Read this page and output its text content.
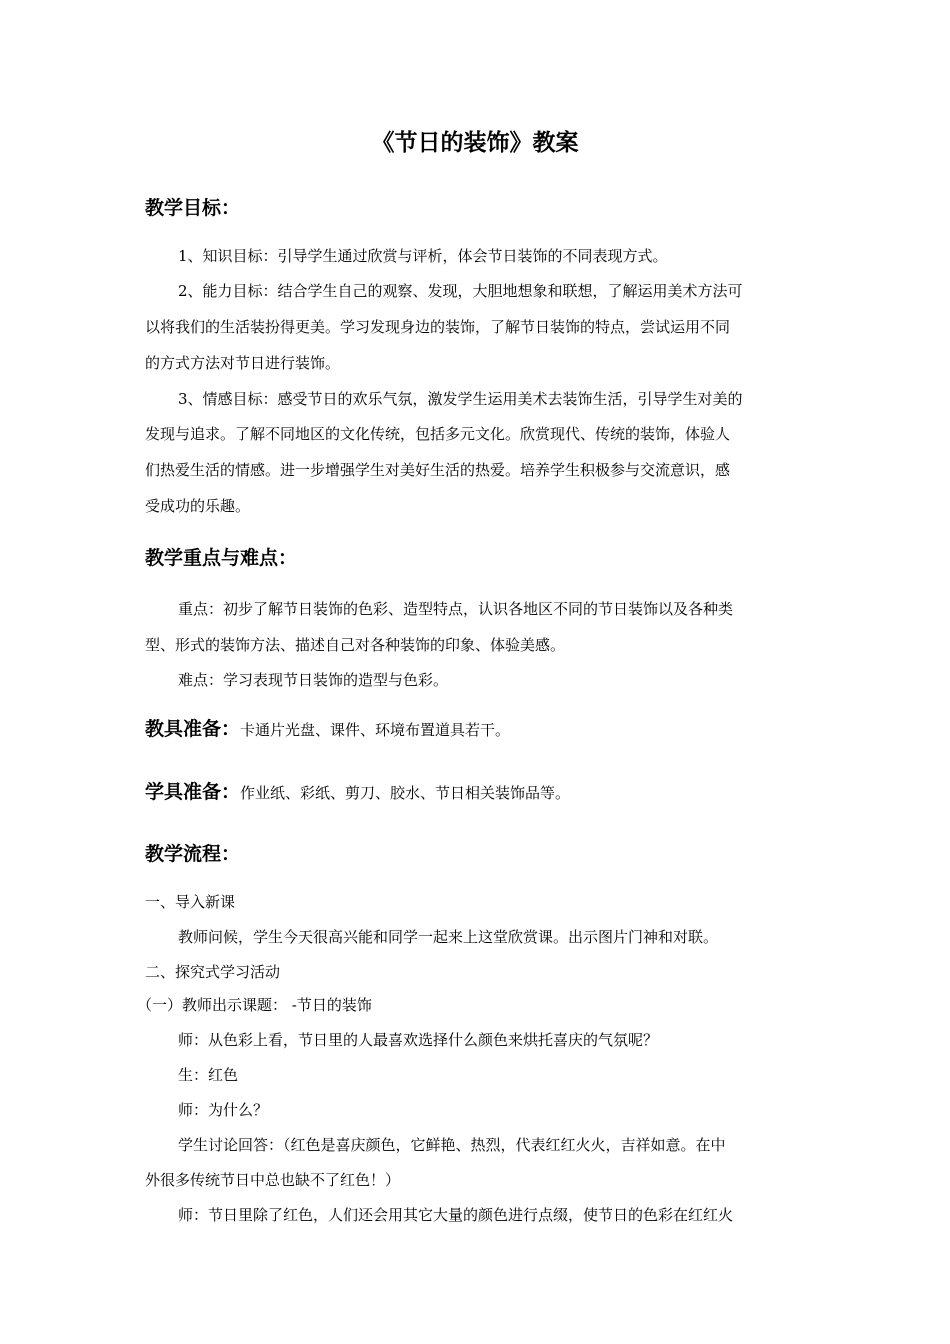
《节日的装饰》教案
教学目标：

1、知识目标：引导学生通过欣赏与评析，体会节日装饰的不同表现方式。

2、能力目标：结合学生自己的观察、发现，大胆地想象和联想，了解运用美术方法可

以将我们的生活装扮得更美。学习发现身边的装饰，了解节日装饰的特点，尝试运用不同

的方式方法对节日进行装饰。

3、情感目标：感受节日的欢乐气氛，激发学生运用美术去装饰生活，引导学生对美的

发现与追求。了解不同地区的文化传统，包括多元文化。欣赏现代、传统的装饰，体验人

们热爱生活的情感。进一步增强学生对美好生活的热爱。培养学生积极参与交流意识，感

受成功的乐趣。

教学重点与难点：

重点：初步了解节日装饰的色彩、造型特点，认识各地区不同的节日装饰以及各种类

型、形式的装饰方法、描述自己对各种装饰的印象、体验美感。

难点：学习表现节日装饰的造型与色彩。

教具准备：卡通片光盘、课件、环境布置道具若干。
学具准备：作业纸、彩纸、剪刀、胶水、节日相关装饰品等。
教学流程：

一、导入新课

教师问候，学生今天很高兴能和同学一起来上这堂欣赏课。出示图片门神和对联。

二、探究式学习活动

（一）教师出示课题： -节日的装饰

师：从色彩上看，节日里的人最喜欢选择什么颜色来烘托喜庆的气氛呢？

生：红色

师：为什么？

学生讨论回答：（红色是喜庆颜色，它鲜艳、热烈，代表红红火火，吉祥如意。在中

外很多传统节日中总也缺不了红色！）

师：节日里除了红色，人们还会用其它大量的颜色进行点缀，使节日的色彩在红红火
